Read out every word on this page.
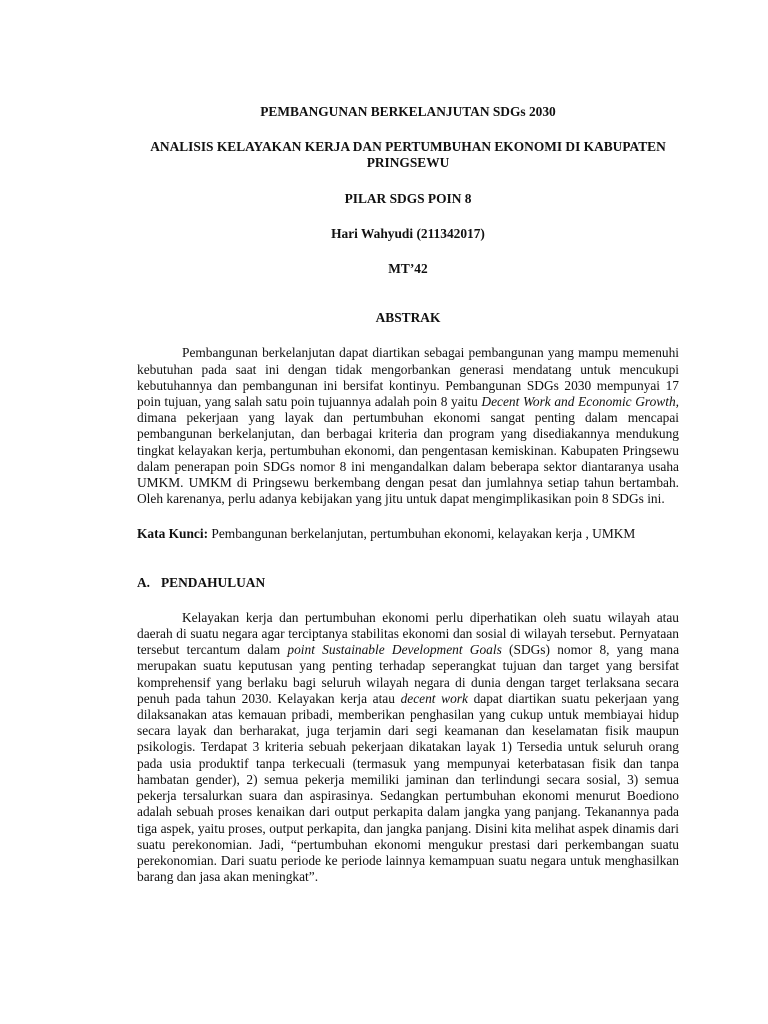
PEMBANGUNAN BERKELANJUTAN SDGs 2030
ANALISIS KELAYAKAN KERJA DAN PERTUMBUHAN EKONOMI DI KABUPATEN PRINGSEWU
PILAR SDGS POIN 8
Hari Wahyudi (211342017)
MT’42
ABSTRAK

Pembangunan berkelanjutan dapat diartikan sebagai pembangunan yang mampu memenuhi kebutuhan pada saat ini dengan tidak mengorbankan generasi mendatang untuk mencukupi kebutuhannya dan pembangunan ini bersifat kontinyu. Pembangunan SDGs 2030 mempunyai 17 poin tujuan, yang salah satu poin tujuannya adalah poin 8 yaitu Decent Work and Economic Growth, dimana pekerjaan yang layak dan pertumbuhan ekonomi sangat penting dalam mencapai pembangunan berkelanjutan, dan berbagai kriteria dan program yang disediakannya mendukung tingkat kelayakan kerja, pertumbuhan ekonomi, dan pengentasan kemiskinan. Kabupaten Pringsewu dalam penerapan poin SDGs nomor 8 ini mengandalkan dalam beberapa sektor diantaranya usaha UMKM. UMKM di Pringsewu berkembang dengan pesat dan jumlahnya setiap tahun bertambah. Oleh karenanya, perlu adanya kebijakan yang jitu untuk dapat mengimplikasikan poin 8 SDGs ini.

Kata Kunci: Pembangunan berkelanjutan, pertumbuhan ekonomi, kelayakan kerja , UMKM

A. PENDAHULUAN

Kelayakan kerja dan pertumbuhan ekonomi perlu diperhatikan oleh suatu wilayah atau daerah di suatu negara agar terciptanya stabilitas ekonomi dan sosial di wilayah tersebut. Pernyataan tersebut tercantum dalam point Sustainable Development Goals (SDGs) nomor 8, yang mana merupakan suatu keputusan yang penting terhadap seperangkat tujuan dan target yang bersifat komprehensif yang berlaku bagi seluruh wilayah negara di dunia dengan target terlaksana secara penuh pada tahun 2030. Kelayakan kerja atau decent work dapat diartikan suatu pekerjaan yang dilaksanakan atas kemauan pribadi, memberikan penghasilan yang cukup untuk membiayai hidup secara layak dan berharakat, juga terjamin dari segi keamanan dan keselamatan fisik maupun psikologis. Terdapat 3 kriteria sebuah pekerjaan dikatakan layak 1) Tersedia untuk seluruh orang pada usia produktif tanpa terkecuali (termasuk yang mempunyai keterbatasan fisik dan tanpa hambatan gender), 2) semua pekerja memiliki jaminan dan terlindungi secara sosial, 3) semua pekerja tersalurkan suara dan aspirasinya. Sedangkan pertumbuhan ekonomi menurut Boediono adalah sebuah proses kenaikan dari output perkapita dalam jangka yang panjang. Tekanannya pada tiga aspek, yaitu proses, output perkapita, dan jangka panjang. Disini kita melihat aspek dinamis dari suatu perekonomian. Jadi, “pertumbuhan ekonomi mengukur prestasi dari perkembangan suatu perekonomian. Dari suatu periode ke periode lainnya kemampuan suatu negara untuk menghasilkan barang dan jasa akan meningkat”.
